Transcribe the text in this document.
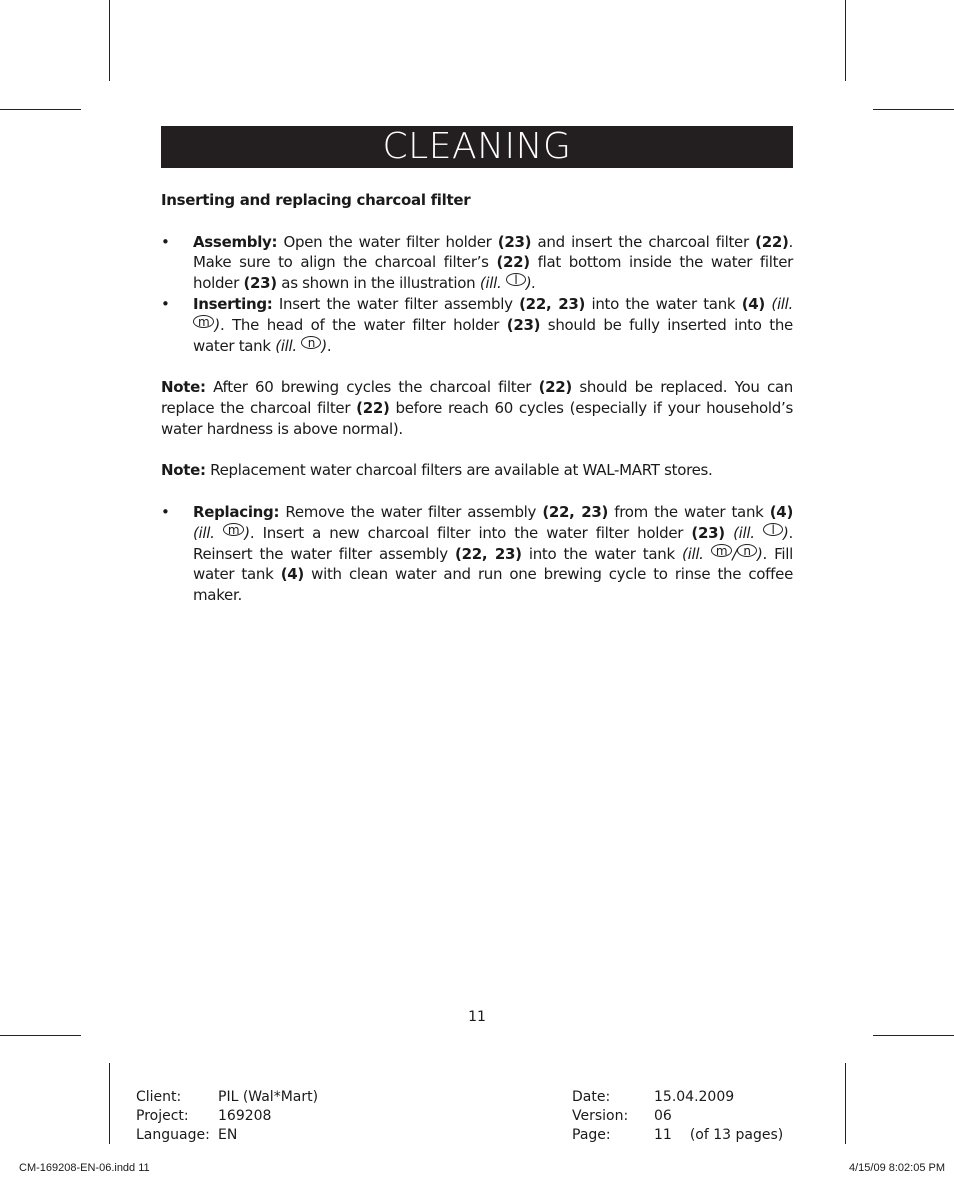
CLEANING

Inserting and replacing charcoal filter

• Assembly: Open the water filter holder (23) and insert the charcoal filter (22). Make sure to align the charcoal filter’s (22) flat bottom inside the water filter holder (23) as shown in the illustration (ill. l ).

• Inserting: Insert the water filter assembly (22, 23) into the water tank (4) (ill. m ). The head of the water filter holder (23) should be fully inserted into the water tank (ill. n ).

Note: After 60 brewing cycles the charcoal filter (22) should be replaced. You can replace the charcoal filter (22) before reach 60 cycles (especially if your household’s water hardness is above normal).

Note: Replacement water charcoal filters are available at WAL-MART stores.

• Replacing: Remove the water filter assembly (22, 23) from the water tank (4) (ill. m ). Insert a new charcoal filter into the water filter holder (23) (ill. l ). Reinsert the water filter assembly (22, 23) into the water tank (ill. m / n ). Fill water tank (4) with clean water and run one brewing cycle to rinse the coffee maker.

11
Client:	PIL (Wal*Mart)
Project:	169208
Language: EN
Date:	15.04.2009
Version:	06
Page:	11 (of 13 pages)
CM-169208-EN-06.indd 11	4/15/09 8:02:05 PM
